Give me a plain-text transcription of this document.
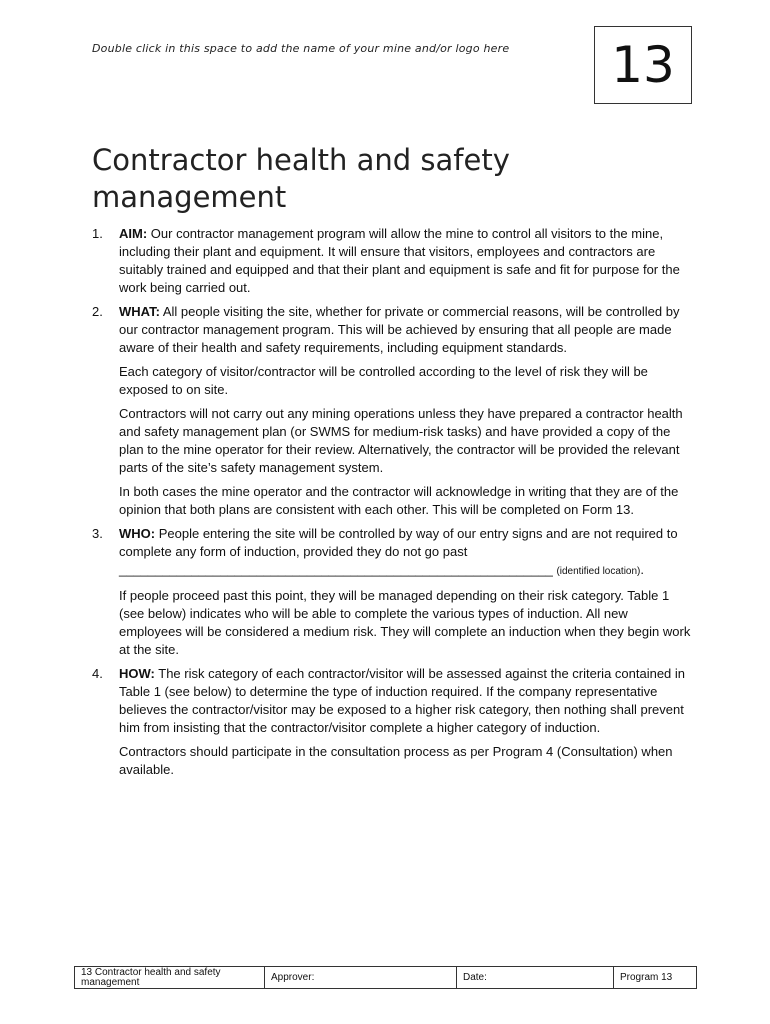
Double click in this space to add the name of your mine and/or logo here	13
Contractor health and safety management
1.	AIM: Our contractor management program will allow the mine to control all visitors to the mine, including their plant and equipment. It will ensure that visitors, employees and contractors are suitably trained and equipped and that their plant and equipment is safe and fit for purpose for the work being carried out.

2.	WHAT: All people visiting the site, whether for private or commercial reasons, will be controlled by our contractor management program. This will be achieved by ensuring that all people are made aware of their health and safety requirements, including equipment standards.

Each category of visitor/contractor will be controlled according to the level of risk they will be exposed to on site.

Contractors will not carry out any mining operations unless they have prepared a contractor health and safety management plan (or SWMS for medium-risk tasks) and have provided a copy of the plan to the mine operator for their review. Alternatively, the contractor will be provided the relevant parts of the site’s safety management system.

In both cases the mine operator and the contractor will acknowledge in writing that they are of the opinion that both plans are consistent with each other. This will be completed on Form 13.

3.	WHO: People entering the site will be controlled by way of our entry signs and are not required to complete any form of induction, provided they do not go past
____________________________________________________________ (identified location).

If people proceed past this point, they will be managed depending on their risk category. Table 1 (see below) indicates who will be able to complete the various types of induction. All new employees will be considered a medium risk. They will complete an induction when they begin work at the site.

4.	HOW: The risk category of each contractor/visitor will be assessed against the criteria contained in Table 1 (see below) to determine the type of induction required. If the company representative believes the contractor/visitor may be exposed to a higher risk category, then nothing shall prevent him from insisting that the contractor/visitor complete a higher category of induction.

Contractors should participate in the consultation process as per Program 4 (Consultation) when available.

13 Contractor health and safety management	Approver:	Date:	Program 13
